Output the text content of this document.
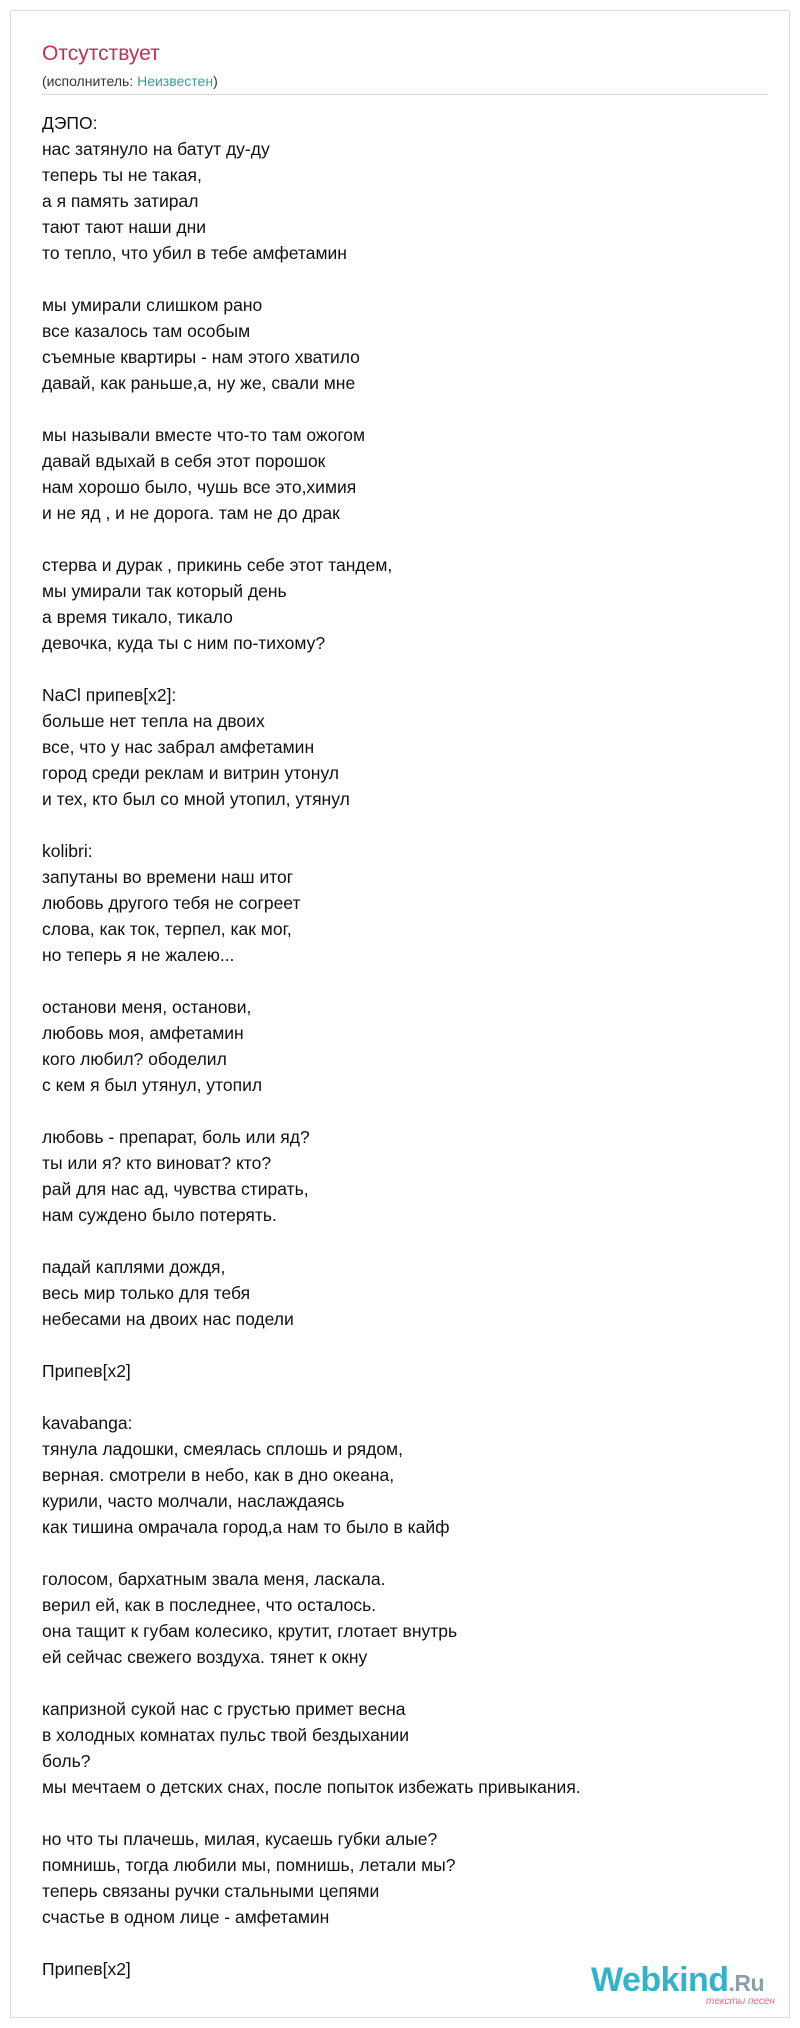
Отсутствует
(исполнитель: Неизвестен)
ДЭПО:
нас затянуло на батут ду-ду
теперь ты не такая,
а я память затирал
тают тают наши дни
то тепло, что убил в тебе амфетамин

мы умирали слишком рано
все казалось там особым
съемные квартиры - нам этого хватило
давай, как раньше,а, ну же, свали мне

мы называли вместе что-то там ожогом
давай вдыхай в себя этот порошок
нам хорошо было, чушь все это,химия
и не яд , и не дорога. там не до драк

стерва и дурак , прикинь себе этот тандем,
мы умирали так который день
а время тикало, тикало
девочка, куда ты с ним по-тихому?

NaCl припев[x2]:
больше нет тепла на двоих
все, что у нас забрал амфетамин
город среди реклам и витрин утонул
и тех, кто был со мной утопил, утянул

kolibri:
запутаны во времени наш итог
любовь другого тебя не согреет
слова, как ток, терпел, как мог,
но теперь я не жалею...

останови меня, останови,
любовь моя, амфетамин
кого любил? ободелил
с кем я был утянул, утопил

любовь - препарат, боль или яд?
ты или я? кто виноват? кто?
рай для нас ад, чувства стирать,
нам суждено было потерять.

падай каплями дождя,
весь мир только для тебя
небесами на двоих нас подели

Припев[x2]

kavabanga:
тянула ладошки, смеялась сплошь и рядом,
верная. смотрели в небо, как в дно океана,
курили, часто молчали, наслаждаясь
как тишина омрачала город,а нам то было в кайф

голосом, бархатным звала меня, ласкала.
верил ей, как в последнее, что осталось.
она тащит к губам колесико, крутит, глотает внутрь
ей сейчас свежего воздуха. тянет к окну

капризной сукой нас с грустью примет весна
в холодных комнатах пульс твой бездыхании
боль?
мы мечтаем о детских снах, после попыток избежать привыкания.

но что ты плачешь, милая, кусаешь губки алые?
помнишь, тогда любили мы, помнишь, летали мы?
теперь связаны ручки стальными цепями
счастье в одном лице - амфетамин

Припев[x2]	Webkind.Ru
тексты песен
